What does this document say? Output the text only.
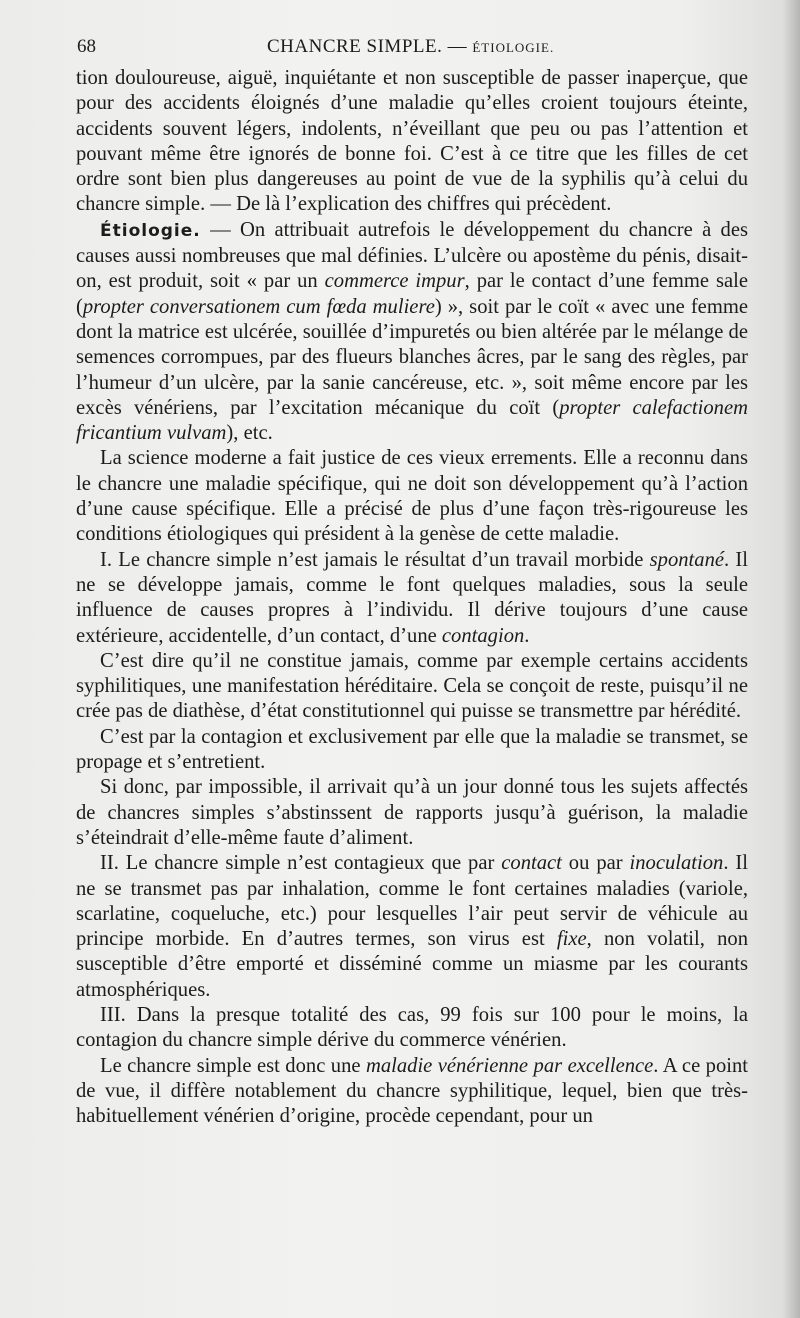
68	CHANCRE SIMPLE. — ÉTIOLOGIE.

tion douloureuse, aiguë, inquiétante et non susceptible de passer inaperçue, que pour des accidents éloignés d’une maladie qu’elles croient toujours éteinte, accidents souvent légers, indolents, n’éveillant que peu ou pas l’attention et pouvant même être ignorés de bonne foi. C’est à ce titre que les filles de cet ordre sont bien plus dangereuses au point de vue de la syphilis qu’à celui du chancre simple. — De là l’explication des chiffres qui précèdent.

Étiologie. — On attribuait autrefois le développement du chancre à des causes aussi nombreuses que mal définies. L’ulcère ou apostème du pénis, disait-on, est produit, soit « par un commerce impur, par le contact d’une femme sale (propter conversationem cum fœda muliere) », soit par le coït « avec une femme dont la matrice est ulcérée, souillée d’impuretés ou bien altérée par le mélange de semences corrompues, par des flueurs blanches âcres, par le sang des règles, par l’humeur d’un ulcère, par la sanie cancéreuse, etc. », soit même encore par les excès vénériens, par l’excitation mécanique du coït (propter calefactionem fricantium vulvam), etc.

La science moderne a fait justice de ces vieux errements. Elle a reconnu dans le chancre une maladie spécifique, qui ne doit son développement qu’à l’action d’une cause spécifique. Elle a précisé de plus d’une façon très-rigoureuse les conditions étiologiques qui président à la genèse de cette maladie.

I. Le chancre simple n’est jamais le résultat d’un travail morbide spontané. Il ne se développe jamais, comme le font quelques maladies, sous la seule influence de causes propres à l’individu. Il dérive toujours d’une cause extérieure, accidentelle, d’un contact, d’une contagion.

C’est dire qu’il ne constitue jamais, comme par exemple certains accidents syphilitiques, une manifestation héréditaire. Cela se conçoit de reste, puisqu’il ne crée pas de diathèse, d’état constitutionnel qui puisse se transmettre par hérédité.

C’est par la contagion et exclusivement par elle que la maladie se transmet, se propage et s’entretient.

Si donc, par impossible, il arrivait qu’à un jour donné tous les sujets affectés de chancres simples s’abstinssent de rapports jusqu’à guérison, la maladie s’éteindrait d’elle-même faute d’aliment.

II. Le chancre simple n’est contagieux que par contact ou par inoculation. Il ne se transmet pas par inhalation, comme le font certaines maladies (variole, scarlatine, coqueluche, etc.) pour lesquelles l’air peut servir de véhicule au principe morbide. En d’autres termes, son virus est fixe, non volatil, non susceptible d’être emporté et disséminé comme un miasme par les courants atmosphériques.

III. Dans la presque totalité des cas, 99 fois sur 100 pour le moins, la contagion du chancre simple dérive du commerce vénérien.

Le chancre simple est donc une maladie vénérienne par excellence. A ce point de vue, il diffère notablement du chancre syphilitique, lequel, bien que très-habituellement vénérien d’origine, procède cependant, pour un
